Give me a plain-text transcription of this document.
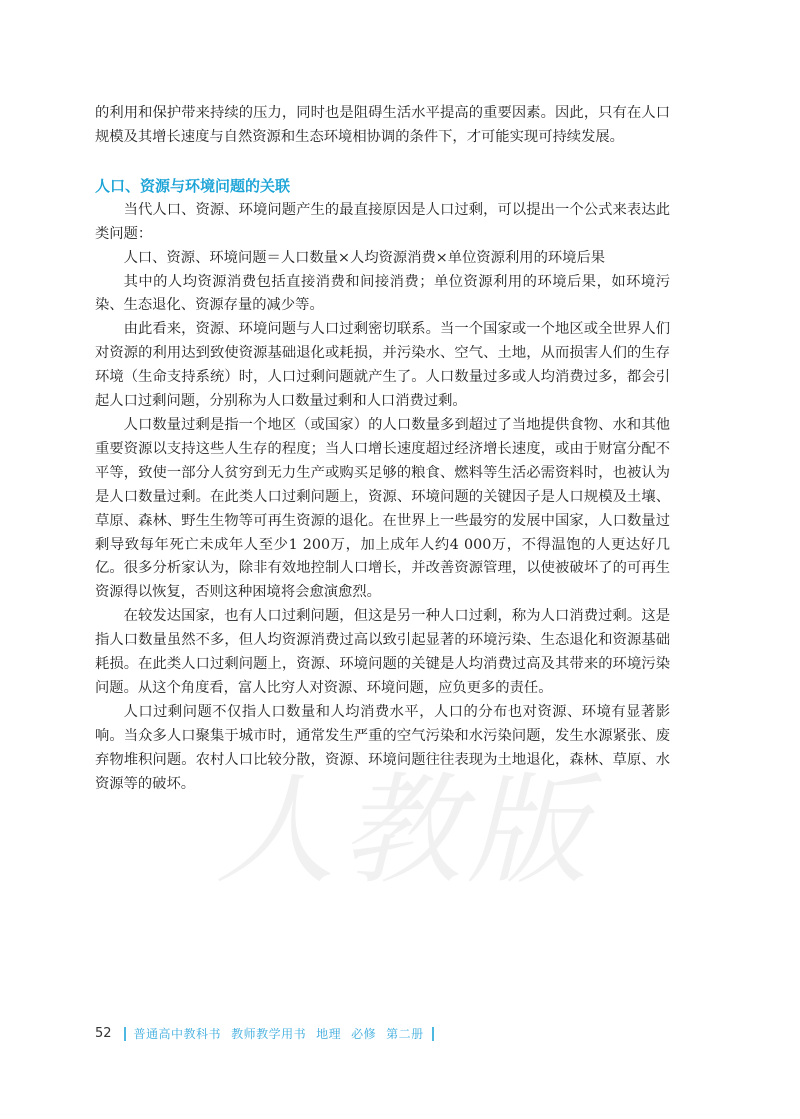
人教版

的利用和保护带来持续的压力，同时也是阻碍生活水平提高的重要因素。因此，只有在人口规模及其增长速度与自然资源和生态环境相协调的条件下，才可能实现可持续发展。

人口、资源与环境问题的关联

当代人口、资源、环境问题产生的最直接原因是人口过剩，可以提出一个公式来表达此类问题：

人口、资源、环境问题＝人口数量×人均资源消费×单位资源利用的环境后果

其中的人均资源消费包括直接消费和间接消费；单位资源利用的环境后果，如环境污染、生态退化、资源存量的减少等。

由此看来，资源、环境问题与人口过剩密切联系。当一个国家或一个地区或全世界人们对资源的利用达到致使资源基础退化或耗损，并污染水、空气、土地，从而损害人们的生存环境（生命支持系统）时，人口过剩问题就产生了。人口数量过多或人均消费过多，都会引起人口过剩问题，分别称为人口数量过剩和人口消费过剩。

人口数量过剩是指一个地区（或国家）的人口数量多到超过了当地提供食物、水和其他重要资源以支持这些人生存的程度；当人口增长速度超过经济增长速度，或由于财富分配不平等，致使一部分人贫穷到无力生产或购买足够的粮食、燃料等生活必需资料时，也被认为是人口数量过剩。在此类人口过剩问题上，资源、环境问题的关键因子是人口规模及土壤、草原、森林、野生生物等可再生资源的退化。在世界上一些最穷的发展中国家，人口数量过剩导致每年死亡未成年人至少1 200万，加上成年人约4 000万，不得温饱的人更达好几亿。很多分析家认为，除非有效地控制人口增长，并改善资源管理，以使被破坏了的可再生资源得以恢复，否则这种困境将会愈演愈烈。

在较发达国家，也有人口过剩问题，但这是另一种人口过剩，称为人口消费过剩。这是指人口数量虽然不多，但人均资源消费过高以致引起显著的环境污染、生态退化和资源基础耗损。在此类人口过剩问题上，资源、环境问题的关键是人均消费过高及其带来的环境污染问题。从这个角度看，富人比穷人对资源、环境问题，应负更多的责任。

人口过剩问题不仅指人口数量和人均消费水平，人口的分布也对资源、环境有显著影响。当众多人口聚集于城市时，通常发生严重的空气污染和水污染问题，发生水源紧张、废弃物堆积问题。农村人口比较分散，资源、环境问题往往表现为土地退化，森林、草原、水资源等的破坏。

52 普通高中教科书 教师教学用书 地理 必修 第二册
